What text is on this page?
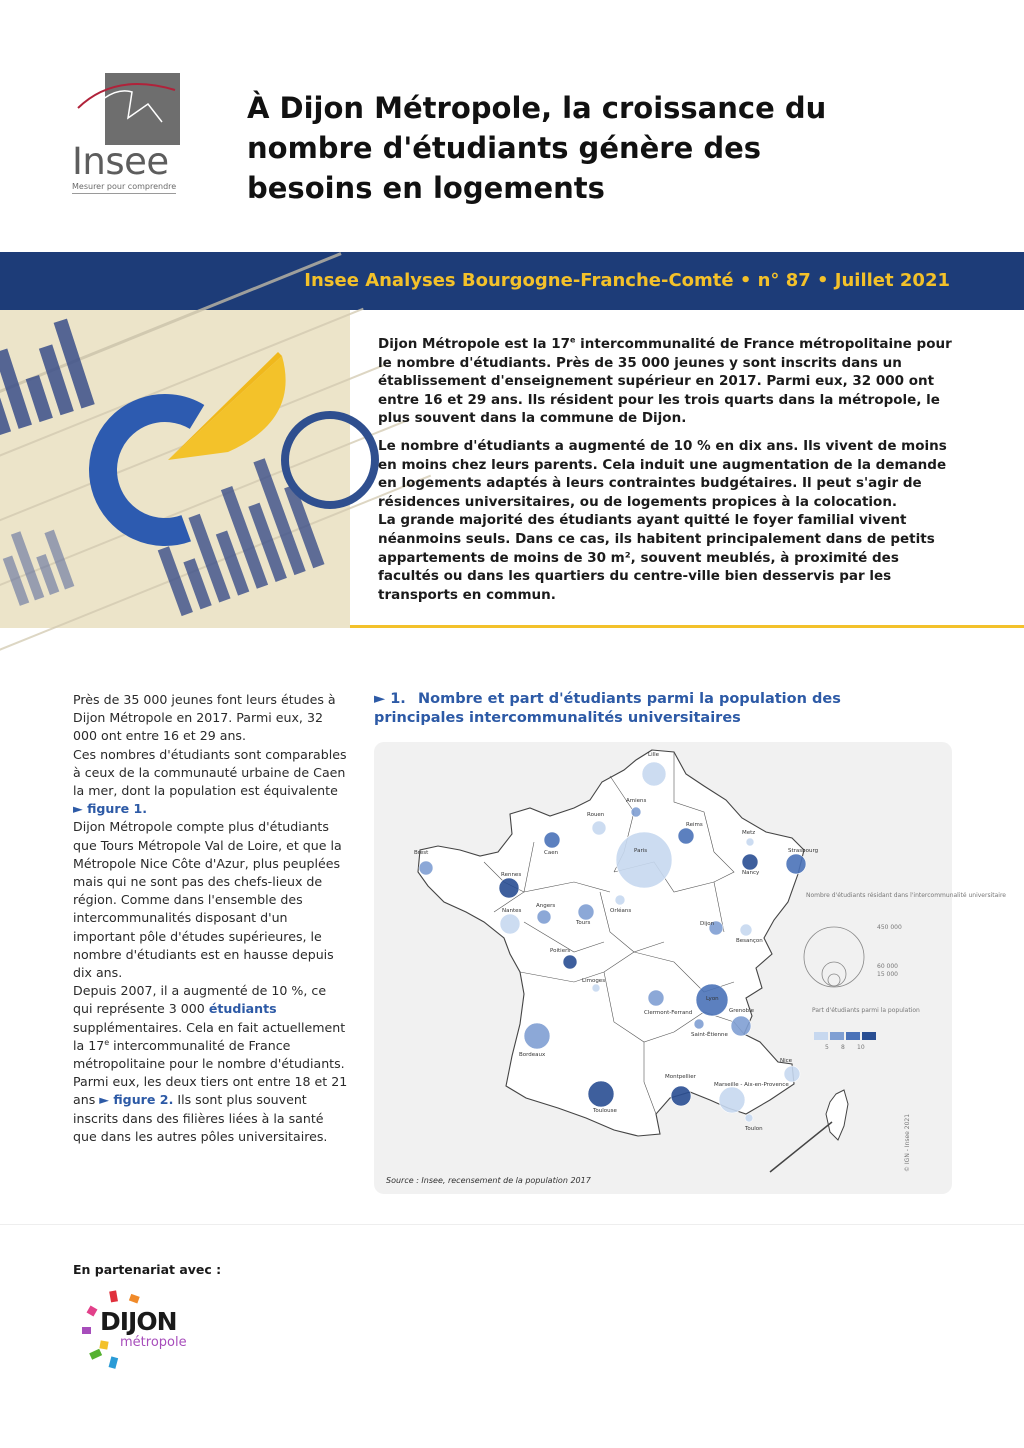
Insee
Mesurer pour comprendre
À Dijon Métropole, la croissance du nombre d'étudiants génère des besoins en logements
Insee Analyses Bourgogne-Franche-Comté • n° 87 • Juillet 2021

Dijon Métropole est la 17e intercommunalité de France métropolitaine pour le nombre d'étudiants. Près de 35 000 jeunes y sont inscrits dans un établissement d'enseignement supérieur en 2017. Parmi eux, 32 000 ont entre 16 et 29 ans. Ils résident pour les trois quarts dans la métropole, le plus souvent dans la commune de Dijon.

Le nombre d'étudiants a augmenté de 10 % en dix ans. Ils vivent de moins en moins chez leurs parents. Cela induit une augmentation de la demande en logements adaptés à leurs contraintes budgétaires. Il peut s'agir de résidences universitaires, ou de logements propices à la colocation.

La grande majorité des étudiants ayant quitté le foyer familial vivent néanmoins seuls. Dans ce cas, ils habitent principalement dans de petits appartements de moins de 30 m², souvent meublés, à proximité des facultés ou dans les quartiers du centre-ville bien desservis par les transports en commun.

Près de 35 000 jeunes font leurs études à Dijon Métropole en 2017. Parmi eux, 32 000 ont entre 16 et 29 ans.
Ces nombres d'étudiants sont comparables à ceux de la communauté urbaine de Caen la mer, dont la population est équivalente
► figure 1.
Dijon Métropole compte plus d'étudiants que Tours Métropole Val de Loire, et que la Métropole Nice Côte d'Azur, plus peuplées mais qui ne sont pas des chefs-lieux de région. Comme dans l'ensemble des intercommunalités disposant d'un important pôle d'études supérieures, le nombre d'étudiants est en hausse depuis dix ans.
Depuis 2007, il a augmenté de 10 %, ce qui représente 3 000 étudiants supplémentaires. Cela en fait actuellement la 17e intercommunalité de France métropolitaine pour le nombre d'étudiants. Parmi eux, les deux tiers ont entre 18 et 21 ans ► figure 2. Ils sont plus souvent inscrits dans des filières liées à la santé que dans les autres pôles universitaires.
► 1. Nombre et part d'étudiants parmi la population des principales intercommunalités universitaires
Lille
Amiens
Rouen
Caen
Reims
Metz
Strasbourg
Brest
Rennes
Paris
Nancy
Orléans
Nantes
Angers
Tours	Dijon
Besançon
Poitiers
Limoges
Clermont-Ferrand
Lyon
Saint-Étienne
Grenoble
Bordeaux
Nice
Montpellier
Marseille - Aix-en-Provence
Toulouse
Toulon
Nombre d'étudiants résidant dans l'intercommunalité universitaire
450 000
60 000
15 000
Part d'étudiants parmi la population
5 8 10
© IGN - Insee 2021
Source : Insee, recensement de la population 2017
En partenariat avec :
DIJON
métropole
